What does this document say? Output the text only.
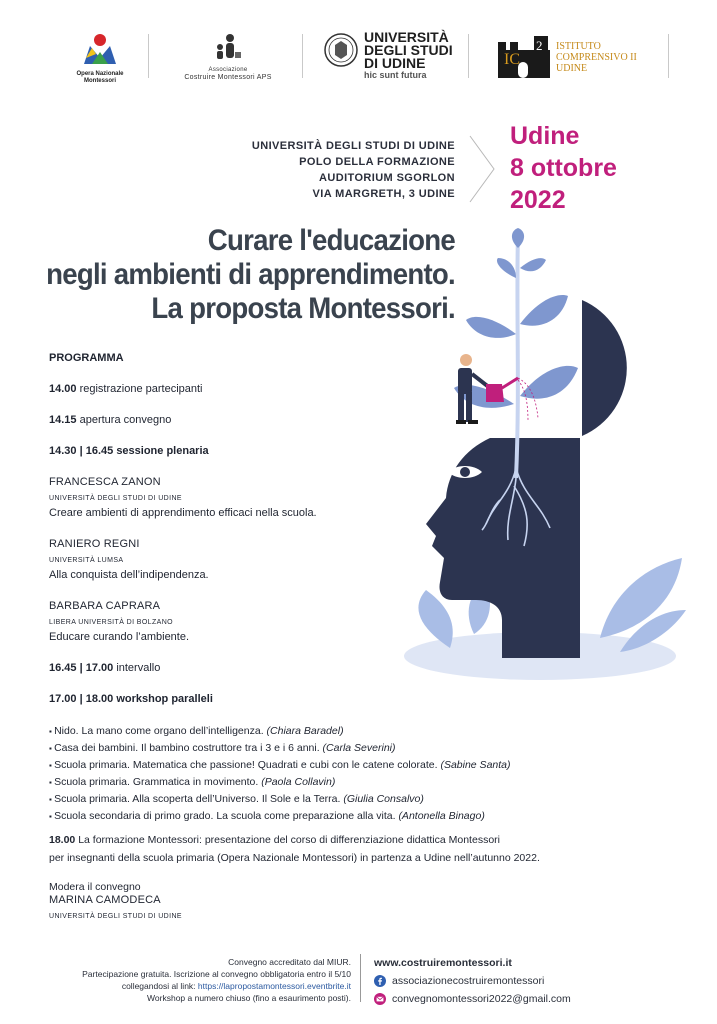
Opera Nazionale
Montessori
Associazione
Costruire Montessori APS
UNIVERSITÀ
DEGLI STUDI
DI UDINE
hic sunt futura
IC
2 ISTITUTO
COMPRENSIVO II
UDINE
UNIVERSITÀ DEGLI STUDI DI UDINE
POLO DELLA FORMAZIONE
AUDITORIUM SGORLON
VIA MARGRETH, 3 UDINE
Udine
8 ottobre
2022
Curare l'educazione
negli ambienti di apprendimento.
La proposta Montessori.
PROGRAMMA
14.00 registrazione partecipanti
14.15 apertura convegno
14.30 | 16.45 sessione plenaria
FRANCESCA ZANON
UNIVERSITÀ DEGLI STUDI DI UDINE
Creare ambienti di apprendimento efficaci nella scuola.
RANIERO REGNI
UNIVERSITÀ LUMSA
Alla conquista dell’indipendenza.
BARBARA CAPRARA
LIBERA UNIVERSITÀ DI BOLZANO
Educare curando l’ambiente.
16.45 | 17.00 intervallo
17.00 | 18.00 workshop paralleli
▪ Nido. La mano come organo dell’intelligenza. (Chiara Baradel)
▪ Casa dei bambini. Il bambino costruttore tra i 3 e i 6 anni. (Carla Severini)
▪ Scuola primaria. Matematica che passione! Quadrati e cubi con le catene colorate. (Sabine Santa)
▪ Scuola primaria. Grammatica in movimento. (Paola Collavin)
▪ Scuola primaria. Alla scoperta dell’Universo. Il Sole e la Terra. (Giulia Consalvo)
▪ Scuola secondaria di primo grado. La scuola come preparazione alla vita. (Antonella Binago)
18.00 La formazione Montessori: presentazione del corso di differenziazione didattica Montessori
per insegnanti della scuola primaria (Opera Nazionale Montessori) in partenza a Udine nell’autunno 2022.
Modera il convegno
MARINA CAMODECA
UNIVERSITÀ DEGLI STUDI DI UDINE
Convegno accreditato dal MIUR.
Partecipazione gratuita. Iscrizione al convegno obbligatoria entro il 5/10
collegandosi al link: https://lapropostamontessori.eventbrite.it
Workshop a numero chiuso (fino a esaurimento posti).
www.costruiremontessori.it
associazionecostruiremontessori
convegnomontessori2022@gmail.com
